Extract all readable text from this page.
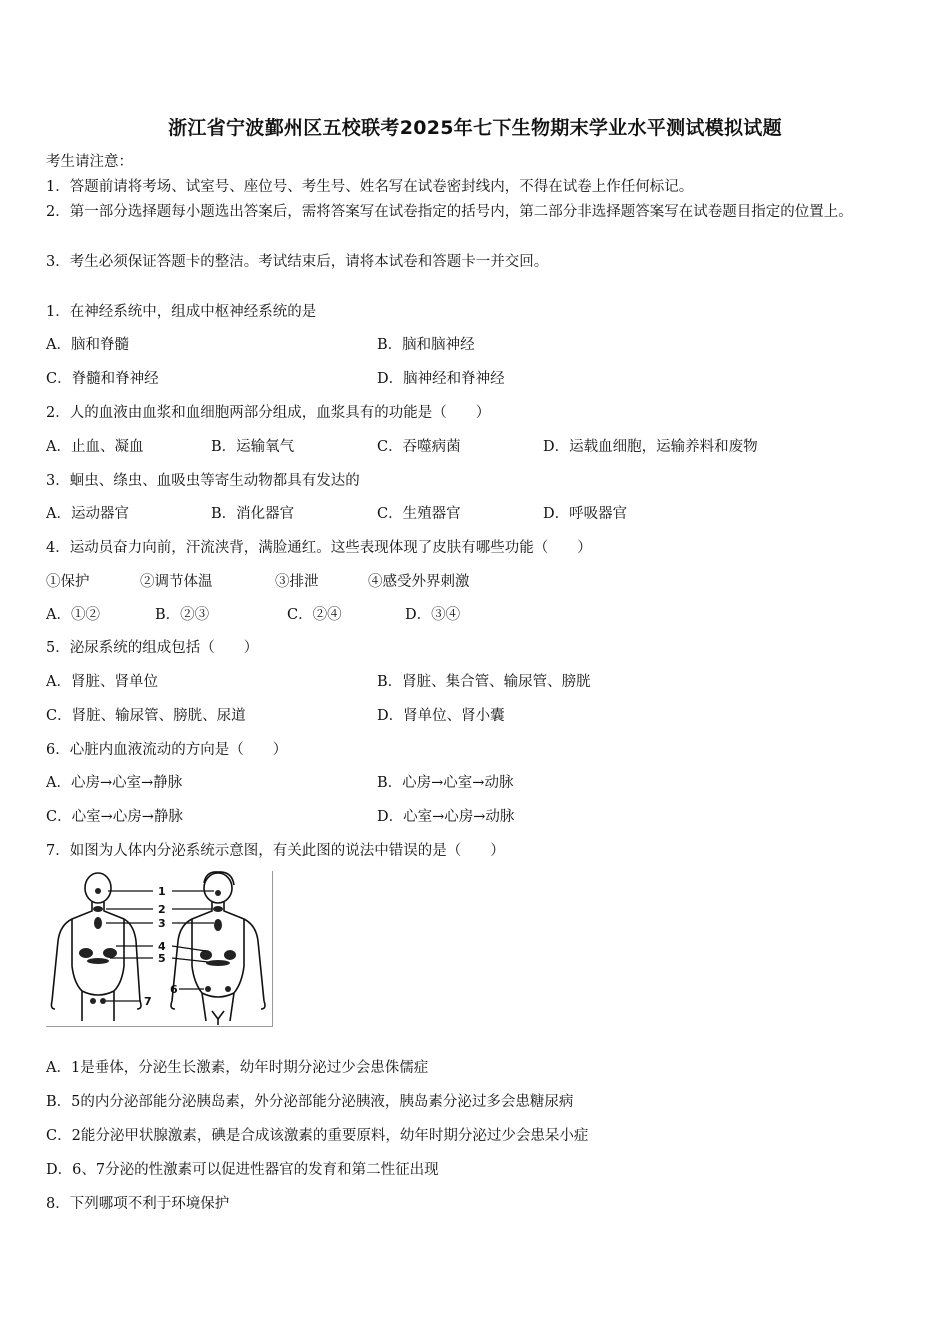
浙江省宁波鄞州区五校联考2025年七下生物期末学业水平测试模拟试题
考生请注意：
1．答题前请将考场、试室号、座位号、考生号、姓名写在试卷密封线内，不得在试卷上作任何标记。
2．第一部分选择题每小题选出答案后，需将答案写在试卷指定的括号内，第二部分非选择题答案写在试卷题目指定的位置上。
3．考生必须保证答题卡的整洁。考试结束后，请将本试卷和答题卡一并交回。
1．在神经系统中，组成中枢神经系统的是
A．脑和脊髓	B．脑和脑神经
C．脊髓和脊神经	D．脑神经和脊神经
2．人的血液由血浆和血细胞两部分组成，血浆具有的功能是（　　）
A．止血、凝血	B．运输氧气	C．吞噬病菌	D．运载血细胞，运输养料和废物
3．蛔虫、绦虫、血吸虫等寄生动物都具有发达的
A．运动器官	B．消化器官	C．生殖器官	D．呼吸器官
4．运动员奋力向前，汗流浃背，满脸通红。这些表现体现了皮肤有哪些功能（　　）
①保护	②调节体温	③排泄	④感受外界刺激
A．①②	B．②③	C．②④	D．③④
5．泌尿系统的组成包括（　　）
A．肾脏、肾单位	B．肾脏、集合管、输尿管、膀胱
C．肾脏、输尿管、膀胱、尿道	D．肾单位、肾小囊
6．心脏内血液流动的方向是（　　）
A．心房→心室→静脉	B．心房→心室→动脉
C．心室→心房→静脉	D．心室→心房→动脉
7．如图为人体内分泌系统示意图，有关此图的说法中错误的是（　　）
1
2
3
4
5
6
7
A．1是垂体，分泌生长激素，幼年时期分泌过少会患侏儒症
B．5的内分泌部能分泌胰岛素，外分泌部能分泌胰液，胰岛素分泌过多会患糖尿病
C．2能分泌甲状腺激素，碘是合成该激素的重要原料，幼年时期分泌过少会患呆小症
D．6、7分泌的性激素可以促进性器官的发育和第二性征出现
8．下列哪项不利于环境保护
